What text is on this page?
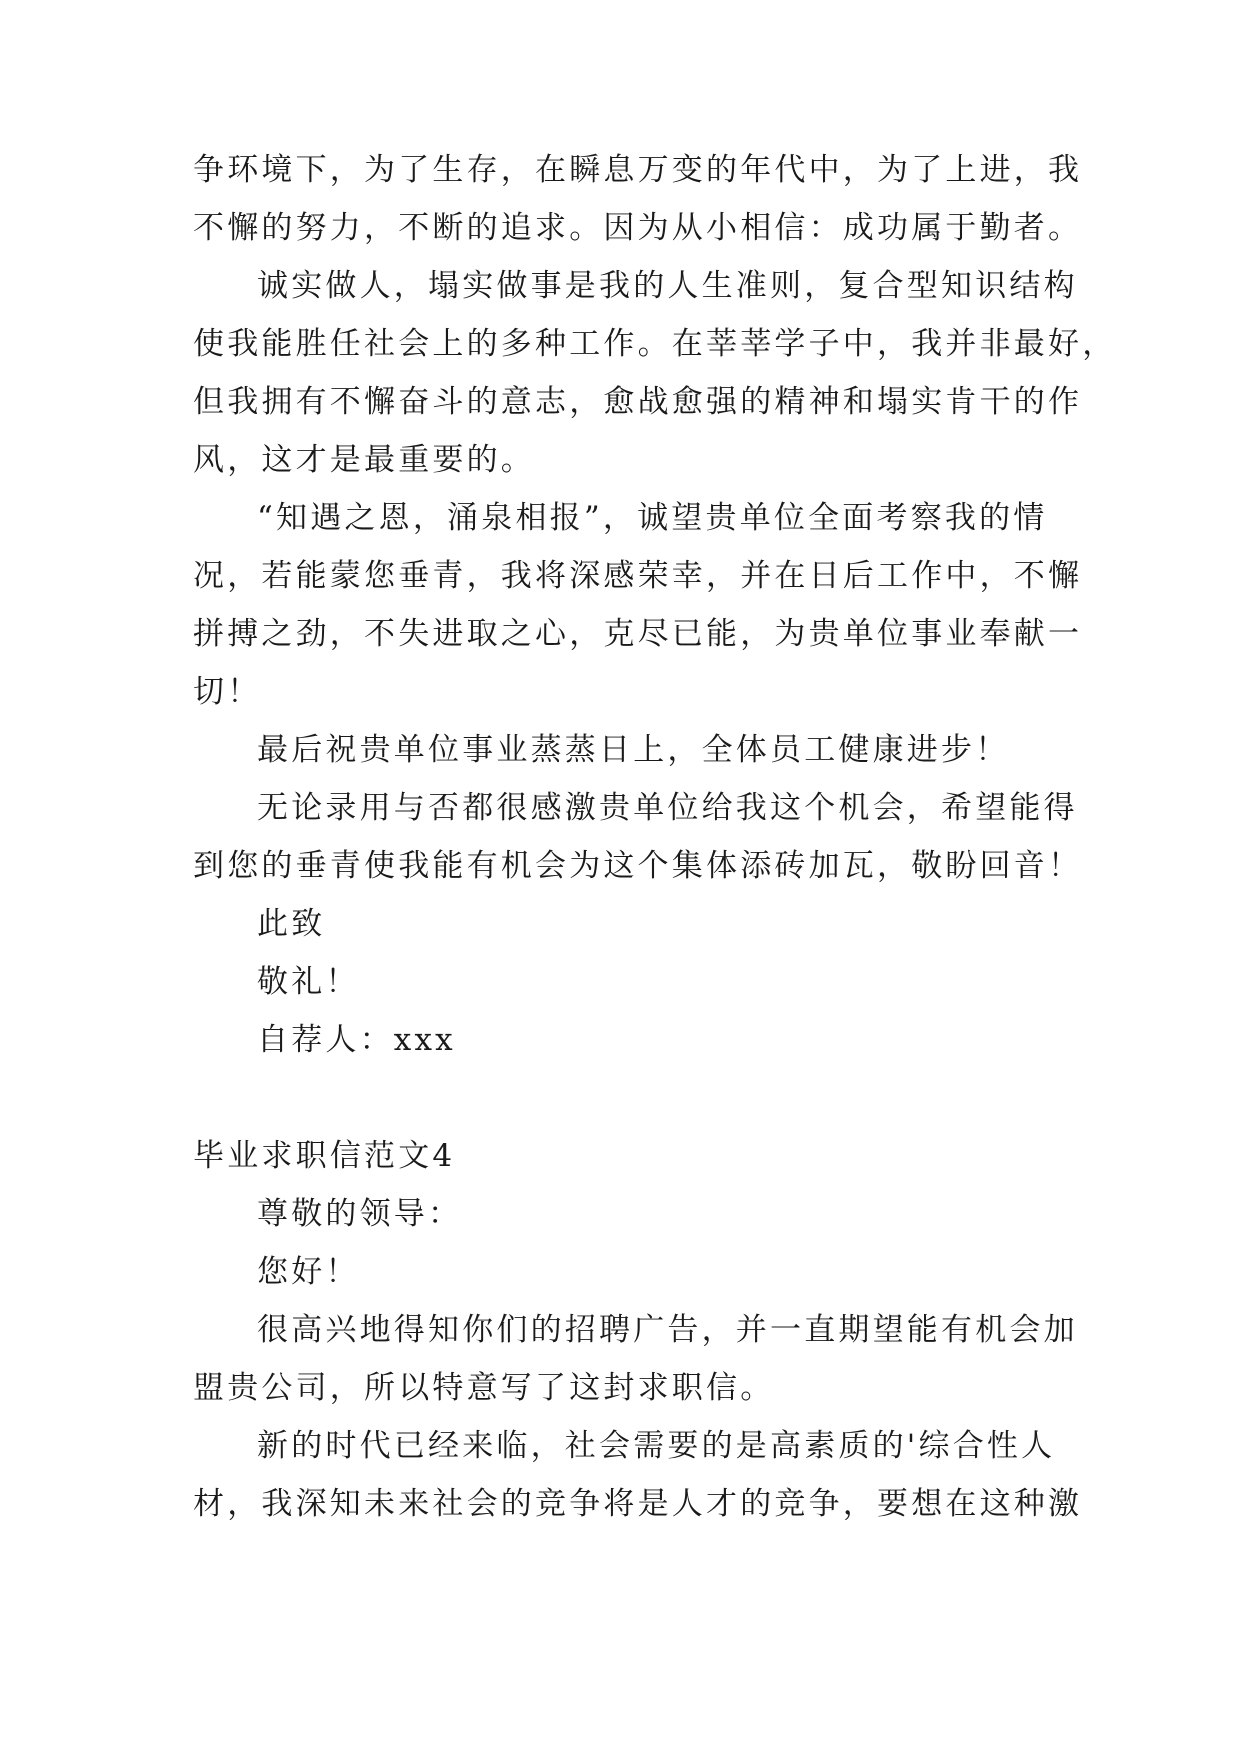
争环境下，为了生存，在瞬息万变的年代中，为了上进，我
不懈的努力，不断的追求。因为从小相信：成功属于勤者。
诚实做人，塌实做事是我的人生准则，复合型知识结构
使我能胜任社会上的多种工作。在莘莘学子中，我并非最好，
但我拥有不懈奋斗的意志，愈战愈强的精神和塌实肯干的作
风，这才是最重要的。
“知遇之恩，涌泉相报”，诚望贵单位全面考察我的情
况，若能蒙您垂青，我将深感荣幸，并在日后工作中，不懈
拼搏之劲，不失进取之心，克尽已能，为贵单位事业奉献一
切！
最后祝贵单位事业蒸蒸日上，全体员工健康进步！
无论录用与否都很感激贵单位给我这个机会，希望能得
到您的垂青使我能有机会为这个集体添砖加瓦，敬盼回音！
此致
敬礼！
自荐人：xxx
毕业求职信范文4
尊敬的领导：
您好！
很高兴地得知你们的招聘广告，并一直期望能有机会加
盟贵公司，所以特意写了这封求职信。
新的时代已经来临，社会需要的是高素质的'综合性人
材，我深知未来社会的竞争将是人才的竞争，要想在这种激
